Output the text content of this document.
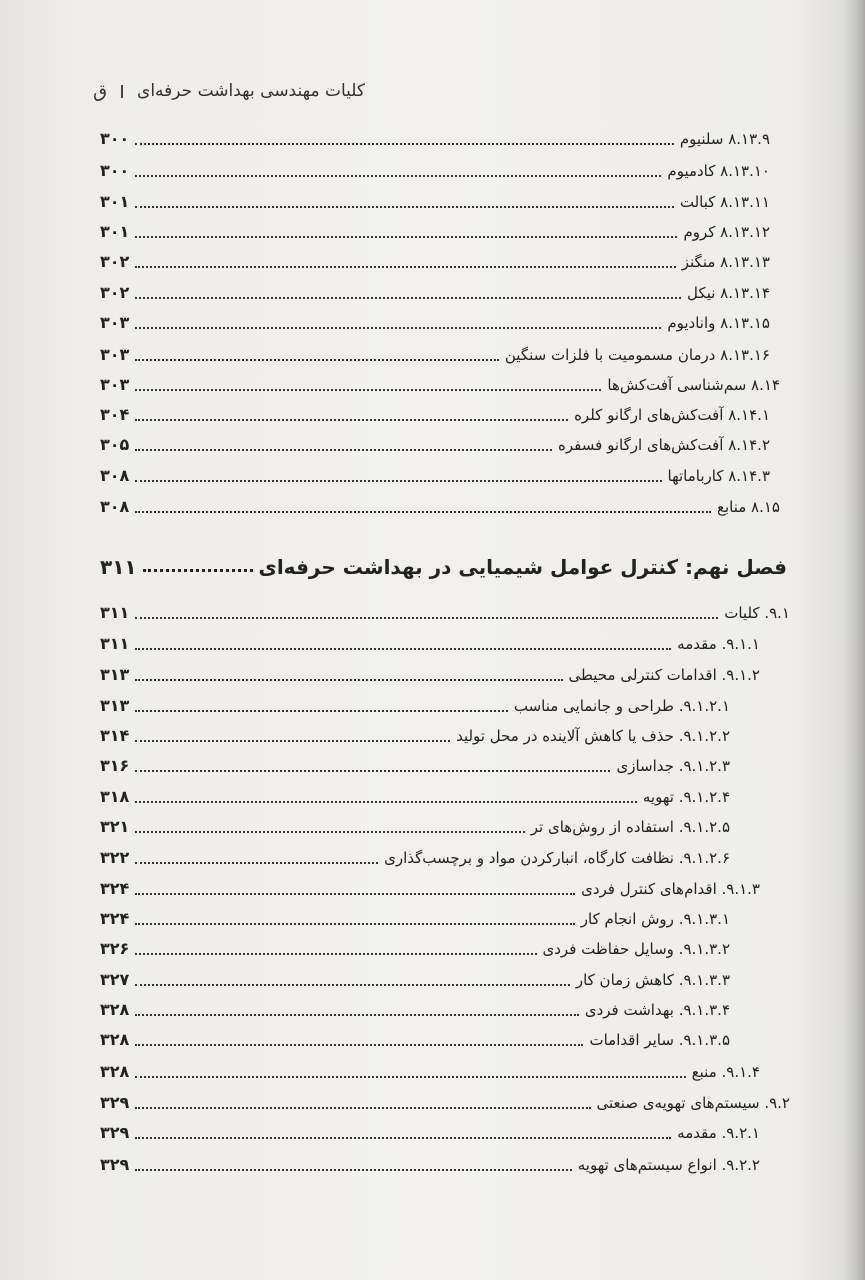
کلیات مهندسی بهداشت حرفه‌ای
ق
۸.۱۳.۹ سلنیوم
۳۰۰
۸.۱۳.۱۰ کادمیوم
۳۰۰
۸.۱۳.۱۱ کبالت
۳۰۱
۸.۱۳.۱۲ کروم
۳۰۱
۸.۱۳.۱۳ منگنز
۳۰۲
۸.۱۳.۱۴ نیکل
۳۰۲
۸.۱۳.۱۵ واناديوم
۳۰۳
۸.۱۳.۱۶ درمان مسمومیت با فلزات سنگین
۳۰۳
۸.۱۴ سم‌شناسی آفت‌کش‌ها
۳۰۳
۸.۱۴.۱ آفت‌کش‌های ارگانو کلره
۳۰۴
۸.۱۴.۲ آفت‌کش‌های ارگانو فسفره
۳۰۵
۸.۱۴.۳ کارباماتها
۳۰۸
۸.۱۵ منابع
۳۰۸
فصل نهم: کنترل عوامل شیمیایی در بهداشت حرفه‌ای
۳۱۱
۹.۱. کلیات
۳۱۱
۹.۱.۱. مقدمه
۳۱۱
۹.۱.۲. اقدامات کنترلی محیطی
۳۱۳
۹.۱.۲.۱. طراحی و جانمایی مناسب
۳۱۳
۹.۱.۲.۲. حذف یا کاهش آلاینده در محل تولید
۳۱۴
۹.۱.۲.۳. جداسازی
۳۱۶
۹.۱.۲.۴. تهویه
۳۱۸
۹.۱.۲.۵. استفاده از روش‌های تر
۳۲۱
۹.۱.۲.۶. نظافت کارگاه، انبارکردن مواد و برچسب‌گذاری
۳۲۲
۹.۱.۳. اقدام‌های کنترل فردی
۳۲۴
۹.۱.۳.۱. روش انجام کار
۳۲۴
۹.۱.۳.۲. وسایل حفاظت فردی
۳۲۶
۹.۱.۳.۳. کاهش زمان کار
۳۲۷
۹.۱.۳.۴. بهداشت فردی
۳۲۸
۹.۱.۳.۵. سایر اقدامات
۳۲۸
۹.۱.۴. منبع
۳۲۸
۹.۲. سیستم‌های تهویه‌ی صنعتی
۳۲۹
۹.۲.۱. مقدمه
۳۲۹
۹.۲.۲. انواع سیستم‌های تهویه
۳۲۹
